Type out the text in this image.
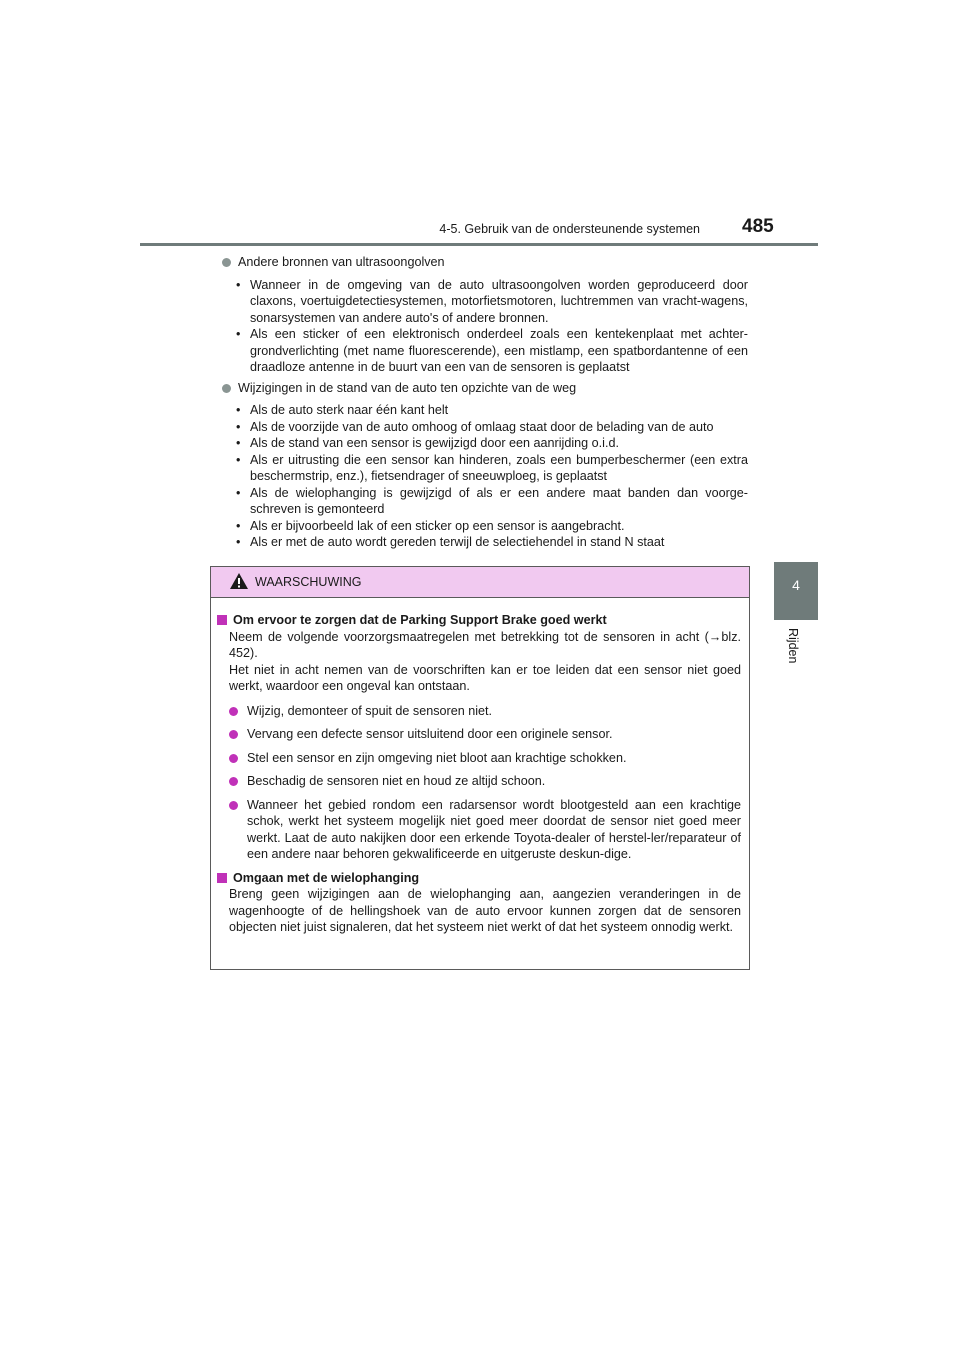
4-5. Gebruik van de ondersteunende systemen 485
4
Rijden
Andere bronnen van ultrasoongolven
• Wanneer in de omgeving van de auto ultrasoongolven worden geproduceerd door claxons, voertuigdetectiesystemen, motorfietsmotoren, luchtremmen van vracht-wagens, sonarsystemen van andere auto's of andere bronnen.
• Als een sticker of een elektronisch onderdeel zoals een kentekenplaat met achter-grondverlichting (met name fluorescerende), een mistlamp, een spatbordantenne of een draadloze antenne in de buurt van een van de sensoren is geplaatst
Wijzigingen in de stand van de auto ten opzichte van de weg
• Als de auto sterk naar één kant helt
• Als de voorzijde van de auto omhoog of omlaag staat door de belading van de auto
• Als de stand van een sensor is gewijzigd door een aanrijding o.i.d.
• Als er uitrusting die een sensor kan hinderen, zoals een bumperbeschermer (een extra beschermstrip, enz.), fietsendrager of sneeuwploeg, is geplaatst
• Als de wielophanging is gewijzigd of als er een andere maat banden dan voorge-schreven is gemonteerd
• Als er bijvoorbeeld lak of een sticker op een sensor is aangebracht.
• Als er met de auto wordt gereden terwijl de selectiehendel in stand N staat
WAARSCHUWING
Om ervoor te zorgen dat de Parking Support Brake goed werkt
Neem de volgende voorzorgsmaatregelen met betrekking tot de sensoren in acht (→blz. 452).
Het niet in acht nemen van de voorschriften kan er toe leiden dat een sensor niet goed werkt, waardoor een ongeval kan ontstaan.
Wijzig, demonteer of spuit de sensoren niet.
Vervang een defecte sensor uitsluitend door een originele sensor.
Stel een sensor en zijn omgeving niet bloot aan krachtige schokken.
Beschadig de sensoren niet en houd ze altijd schoon.
Wanneer het gebied rondom een radarsensor wordt blootgesteld aan een krachtige schok, werkt het systeem mogelijk niet goed meer doordat de sensor niet goed meer werkt. Laat de auto nakijken door een erkende Toyota-dealer of herstel-ler/reparateur of een andere naar behoren gekwalificeerde en uitgeruste deskun-dige.
Omgaan met de wielophanging
Breng geen wijzigingen aan de wielophanging aan, aangezien veranderingen in de wagenhoogte of de hellingshoek van de auto ervoor kunnen zorgen dat de sensoren objecten niet juist signaleren, dat het systeem niet werkt of dat het systeem onnodig werkt.
